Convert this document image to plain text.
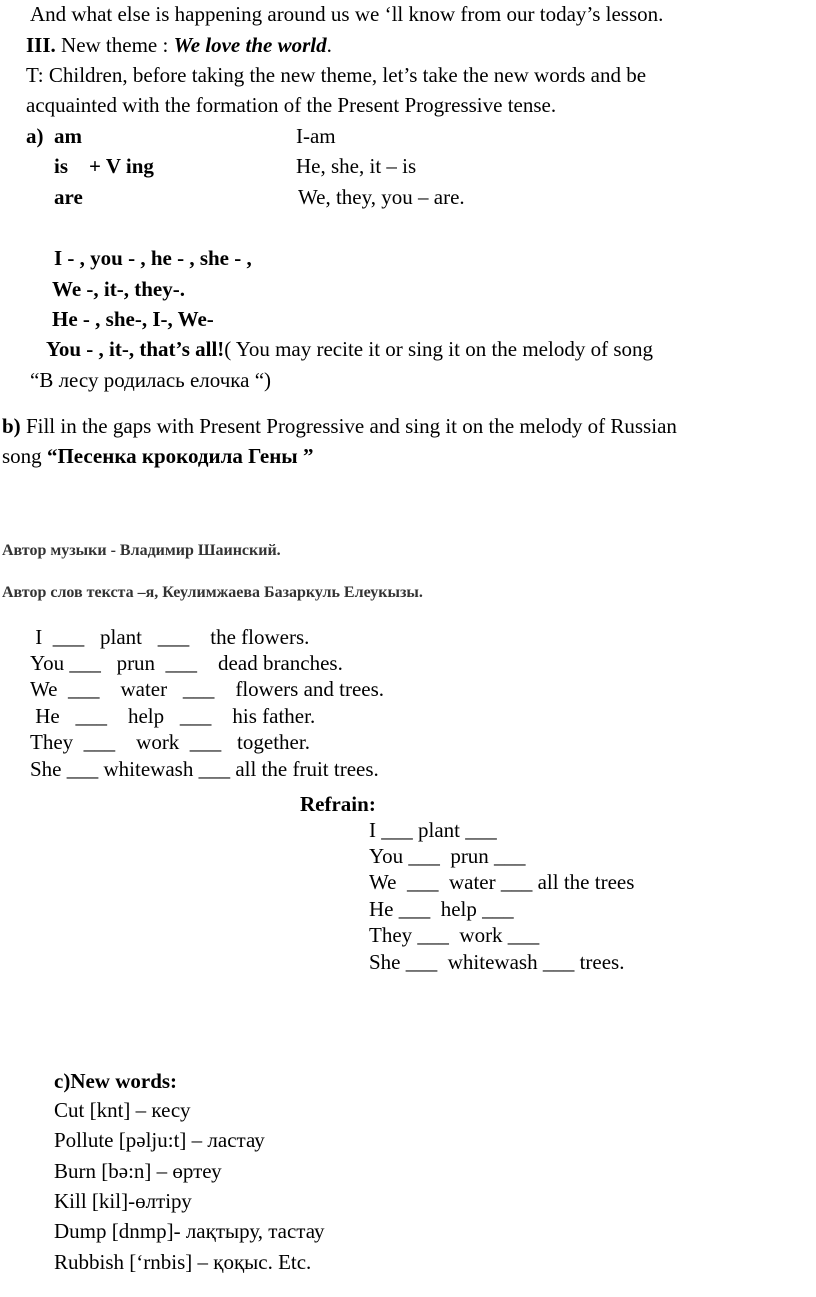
And what else is happening around us we ‘ll know from our today’s lesson.
III. New theme : We love the world.
T: Children, before taking the new theme, let’s take the new words and be
acquainted with the formation of the Present Progressive tense.
a) am	I-am
is    + V ing	He, she, it – is
are	We, they, you – are.
I - , you - , he - , she - ,
We -, it-, they-.
He - , she-, I-, We-
You - , it-, that’s all!( You may recite it or sing it on the melody of song
“В лесу родилась елочка “)
b) Fill in the gaps with Present Progressive and sing it on the melody of Russian
song “Песенка крокодила Гены ”
Автор музыки - Владимир Шаинский.
Автор слов текста –я, Кеулимжаева Базаркуль Елеукызы.
I  ___   plant   ___    the flowers.
You ___   prun  ___    dead branches.
We  ___    water   ___    flowers and trees.
He   ___    help   ___    his father.
They  ___    work  ___   together.
She ___ whitewash ___ all the fruit trees.
Refrain:
I ___ plant ___
You ___  prun ___
We  ___  water ___ all the trees
He ___  help ___
They ___  work ___
She ___  whitewash ___ trees.
c)New words:
Cut [knt] – кесу
Pollute [pəlju:t] – ластау
Burn [bə:n] – өртеу
Kill [kil]-өлтіру
Dump [dnmp]- лақтыру, тастау
Rubbish [‘rnbis] – қоқыс. Etc.
